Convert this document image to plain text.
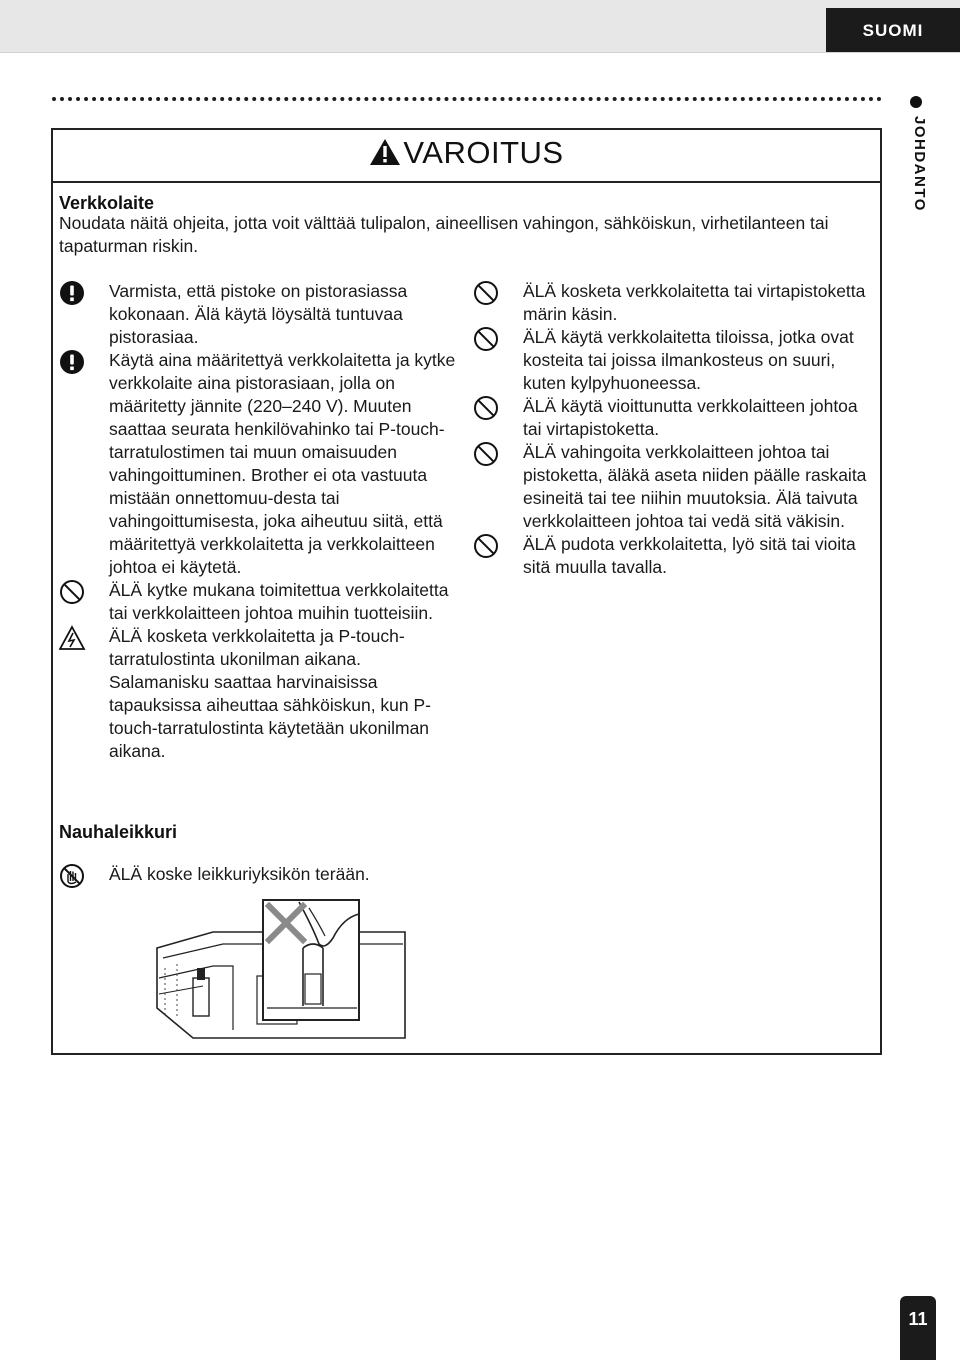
SUOMI
JOHDANTO
VAROITUS
Verkkolaite
Noudata näitä ohjeita, jotta voit välttää tulipalon, aineellisen vahingon, sähköiskun, virhetilanteen tai tapaturman riskin.
Varmista, että pistoke on pistorasiassa kokonaan. Älä käytä löysältä tuntuvaa pistorasiaa.
Käytä aina määritettyä verkkolaitetta ja kytke verkkolaite aina pistorasiaan, jolla on määritetty jännite (220–240 V). Muuten saattaa seurata henkilövahinko tai P-touch-tarratulostimen tai muun omaisuuden vahingoittuminen. Brother ei ota vastuuta mistään onnettomuu-desta tai vahingoittumisesta, joka aiheutuu siitä, että määritettyä verkkolaitetta ja verkkolaitteen johtoa ei käytetä.
ÄLÄ kytke mukana toimitettua verkkolaitetta tai verkkolaitteen johtoa muihin tuotteisiin.
ÄLÄ kosketa verkkolaitetta ja P-touch-tarratulostinta ukonilman aikana. Salamanisku saattaa harvinaisissa tapauksissa aiheuttaa sähköiskun, kun P-touch-tarratulostinta käytetään ukonilman aikana.
ÄLÄ kosketa verkkolaitetta tai virtapistoketta märin käsin.
ÄLÄ käytä verkkolaitetta tiloissa, jotka ovat kosteita tai joissa ilmankosteus on suuri, kuten kylpyhuoneessa.
ÄLÄ käytä vioittunutta verkkolaitteen johtoa tai virtapistoketta.
ÄLÄ vahingoita verkkolaitteen johtoa tai pistoketta, äläkä aseta niiden päälle raskaita esineitä tai tee niihin muutoksia. Älä taivuta verkkolaitteen johtoa tai vedä sitä väkisin.
ÄLÄ pudota verkkolaitetta, lyö sitä tai vioita sitä muulla tavalla.
Nauhaleikkuri
ÄLÄ koske leikkuriyksikön terään.
11
